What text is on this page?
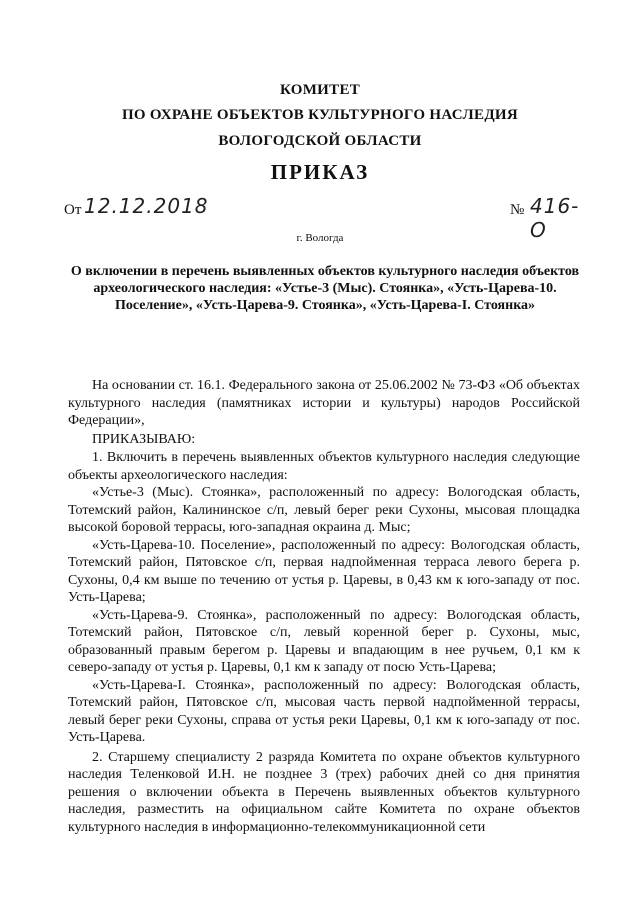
КОМИТЕТ
ПО ОХРАНЕ ОБЪЕКТОВ КУЛЬТУРНОГО НАСЛЕДИЯ
ВОЛОГОДСКОЙ ОБЛАСТИ
ПРИКАЗ
От 12.12.2018	№ 416-О
г. Вологда
О включении в перечень выявленных объектов культурного наследия объектов археологического наследия: «Устье-3 (Мыс). Стоянка», «Усть-Царева-10. Поселение», «Усть-Царева-9. Стоянка», «Усть-Царева-I. Стоянка»

На основании ст. 16.1. Федерального закона от 25.06.2002 № 73-ФЗ «Об объектах культурного наследия (памятниках истории и культуры) народов Российской Федерации»,

ПРИКАЗЫВАЮ:

1. Включить в перечень выявленных объектов культурного наследия следующие объекты археологического наследия:

«Устье-3 (Мыс). Стоянка», расположенный по адресу: Вологодская область, Тотемский район, Калининское с/п, левый берег реки Сухоны, мысовая площадка высокой боровой террасы, юго-западная окраина д. Мыс;

«Усть-Царева-10. Поселение», расположенный по адресу: Вологодская область, Тотемский район, Пятовское с/п, первая надпойменная терраса левого берега р. Сухоны, 0,4 км выше по течению от устья р. Царевы, в 0,43 км к юго-западу от пос. Усть-Царева;

«Усть-Царева-9. Стоянка», расположенный по адресу: Вологодская область, Тотемский район, Пятовское с/п, левый коренной берег р. Сухоны, мыс, образованный правым берегом р. Царевы и впадающим в нее ручьем, 0,1 км к северо-западу от устья р. Царевы, 0,1 км к западу от посю Усть-Царева;

«Усть-Царева-I. Стоянка», расположенный по адресу: Вологодская область, Тотемский район, Пятовское с/п, мысовая часть первой надпойменной террасы, левый берег реки Сухоны, справа от устья реки Царевы, 0,1 км к юго-западу от пос. Усть-Царева.

2. Старшему специалисту 2 разряда Комитета по охране объектов культурного наследия Теленковой И.Н. не позднее 3 (трех) рабочих дней со дня принятия решения о включении объекта в Перечень выявленных объектов культурного наследия, разместить на официальном сайте Комитета по охране объектов культурного наследия в информационно-телекоммуникационной сети
